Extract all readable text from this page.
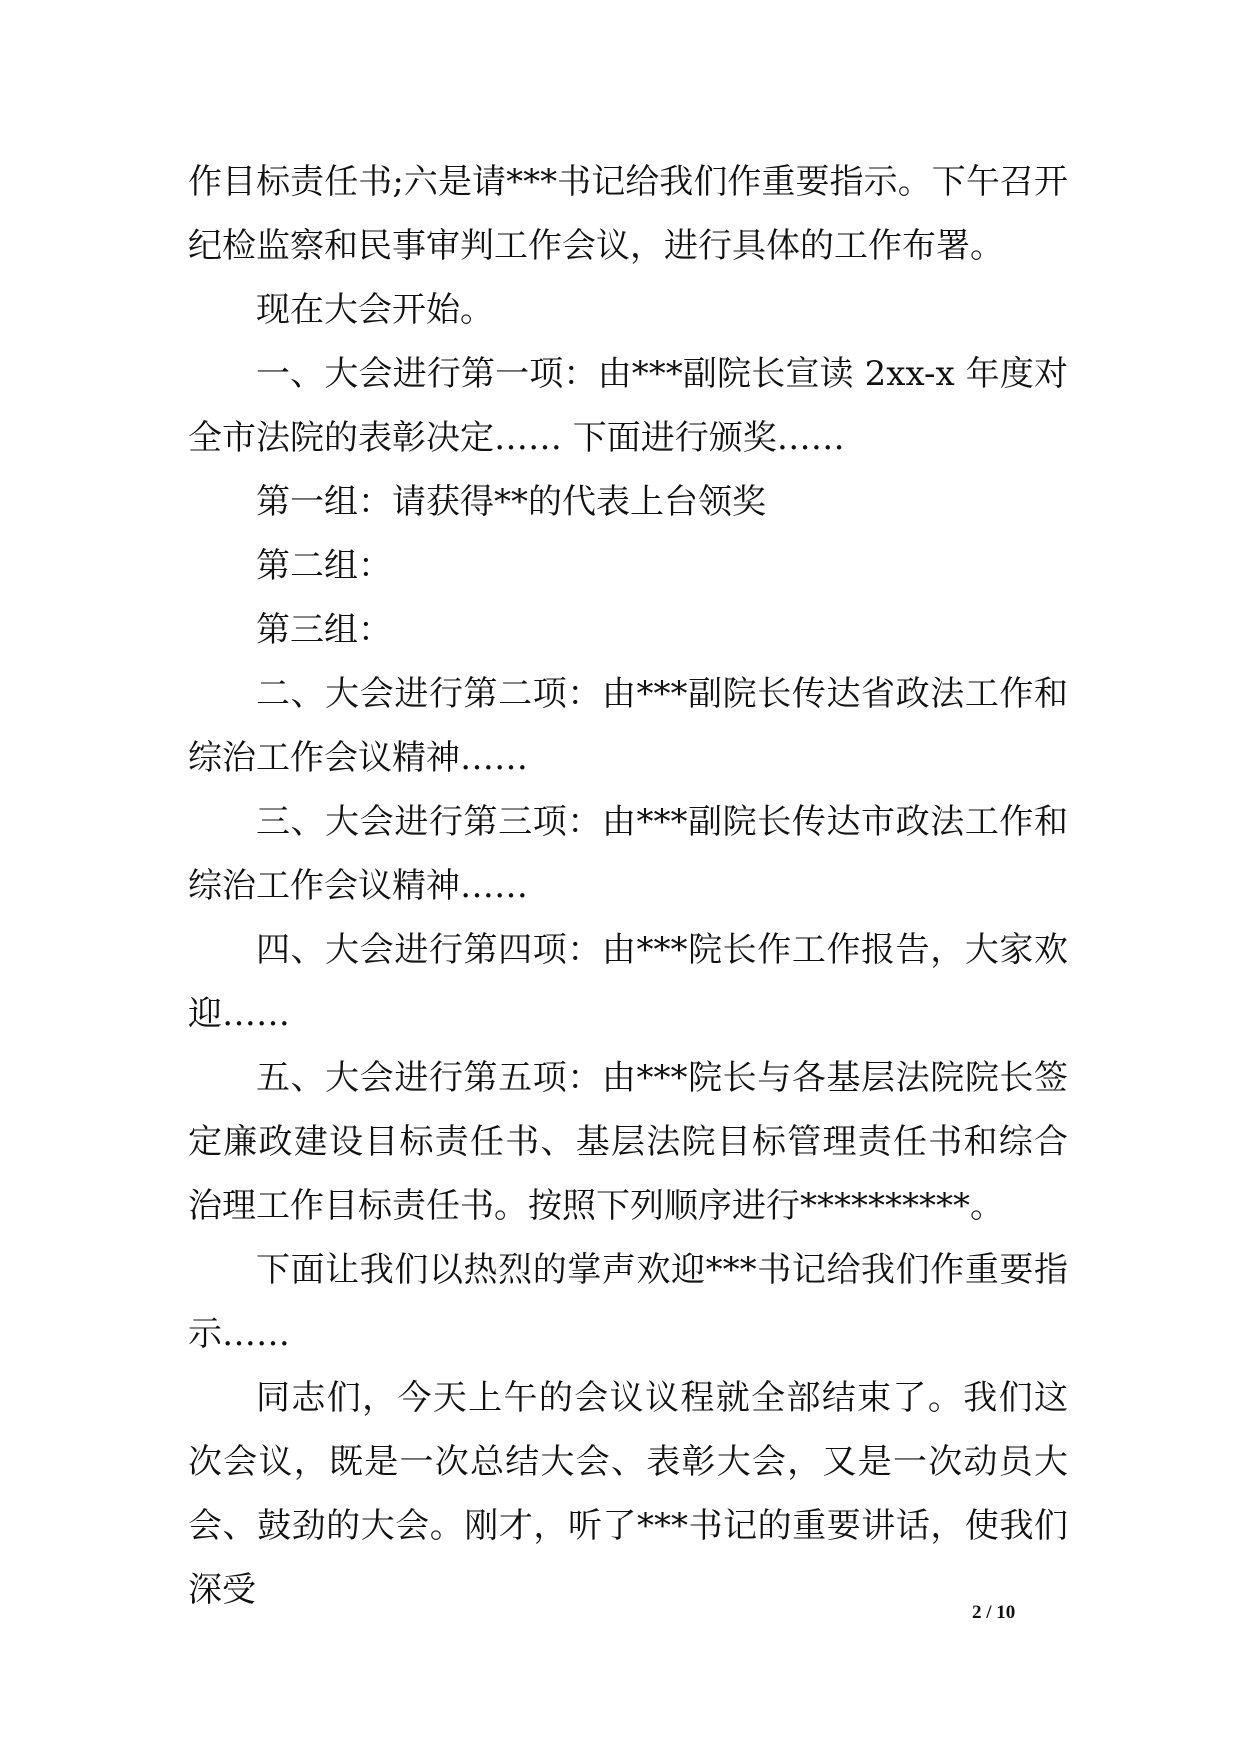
作目标责任书;六是请***书记给我们作重要指示。下午召开纪检监察和民事审判工作会议，进行具体的工作布署。

现在大会开始。

一、大会进行第一项：由***副院长宣读 2xx-x 年度对全市法院的表彰决定…… 下面进行颁奖……

第一组：请获得**的代表上台领奖

第二组：

第三组：

二、大会进行第二项：由***副院长传达省政法工作和综治工作会议精神……

三、大会进行第三项：由***副院长传达市政法工作和综治工作会议精神……

四、大会进行第四项：由***院长作工作报告，大家欢迎……

五、大会进行第五项：由***院长与各基层法院院长签定廉政建设目标责任书、基层法院目标管理责任书和综合治理工作目标责任书。按照下列顺序进行**********。

下面让我们以热烈的掌声欢迎***书记给我们作重要指示……

同志们，今天上午的会议议程就全部结束了。我们这次会议，既是一次总结大会、表彰大会，又是一次动员大会、鼓劲的大会。刚才，听了***书记的重要讲话，使我们深受

2 / 10
